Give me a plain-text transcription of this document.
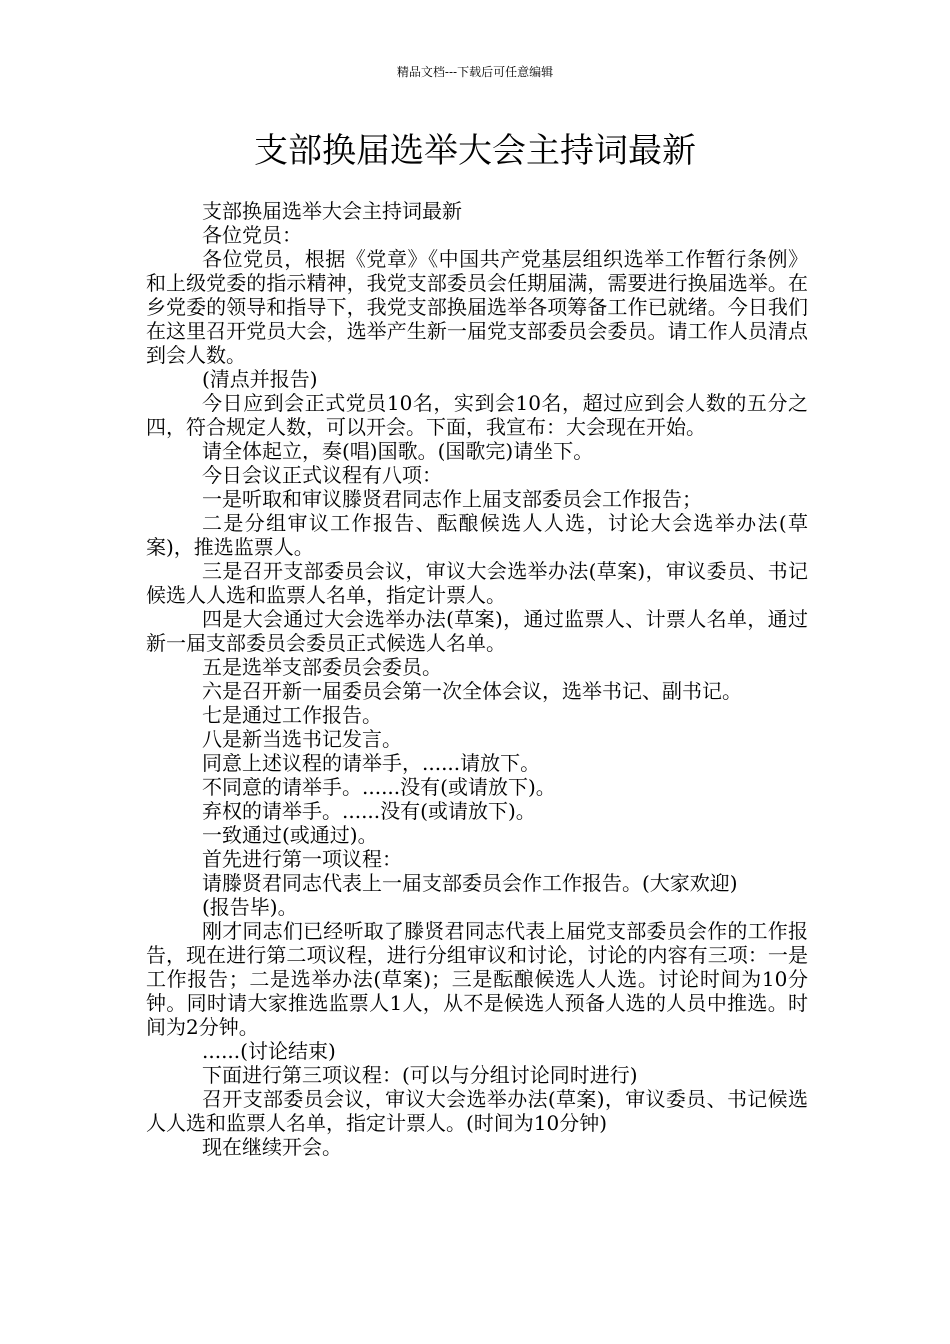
精品文档---下载后可任意编辑
支部换届选举大会主持词最新

支部换届选举大会主持词最新

各位党员：

各位党员，根据《党章》《中国共产党基层组织选举工作暂行条例》和上级党委的指示精神，我党支部委员会任期届满，需要进行换届选举。在乡党委的领导和指导下，我党支部换届选举各项筹备工作已就绪。今日我们在这里召开党员大会，选举产生新一届党支部委员会委员。请工作人员清点到会人数。

(清点并报告)

今日应到会正式党员10名，实到会10名，超过应到会人数的五分之四，符合规定人数，可以开会。下面，我宣布：大会现在开始。

请全体起立，奏(唱)国歌。(国歌完)请坐下。

今日会议正式议程有八项：

一是听取和审议滕贤君同志作上届支部委员会工作报告；

二是分组审议工作报告、酝酿候选人人选，讨论大会选举办法(草案)，推选监票人。

三是召开支部委员会议，审议大会选举办法(草案)，审议委员、书记候选人人选和监票人名单，指定计票人。

四是大会通过大会选举办法(草案)，通过监票人、计票人名单，通过新一届支部委员会委员正式候选人名单。

五是选举支部委员会委员。

六是召开新一届委员会第一次全体会议，选举书记、副书记。

七是通过工作报告。

八是新当选书记发言。

同意上述议程的请举手，......请放下。

不同意的请举手。......没有(或请放下)。

弃权的请举手。......没有(或请放下)。

一致通过(或通过)。

首先进行第一项议程：

请滕贤君同志代表上一届支部委员会作工作报告。(大家欢迎)

(报告毕)。

刚才同志们已经听取了滕贤君同志代表上届党支部委员会作的工作报告，现在进行第二项议程，进行分组审议和讨论，讨论的内容有三项：一是工作报告；二是选举办法(草案)；三是酝酿候选人人选。讨论时间为10分钟。同时请大家推选监票人1人，从不是候选人预备人选的人员中推选。时间为2分钟。

......(讨论结束)

下面进行第三项议程：(可以与分组讨论同时进行)

召开支部委员会议，审议大会选举办法(草案)，审议委员、书记候选人人选和监票人名单，指定计票人。(时间为10分钟)

现在继续开会。
